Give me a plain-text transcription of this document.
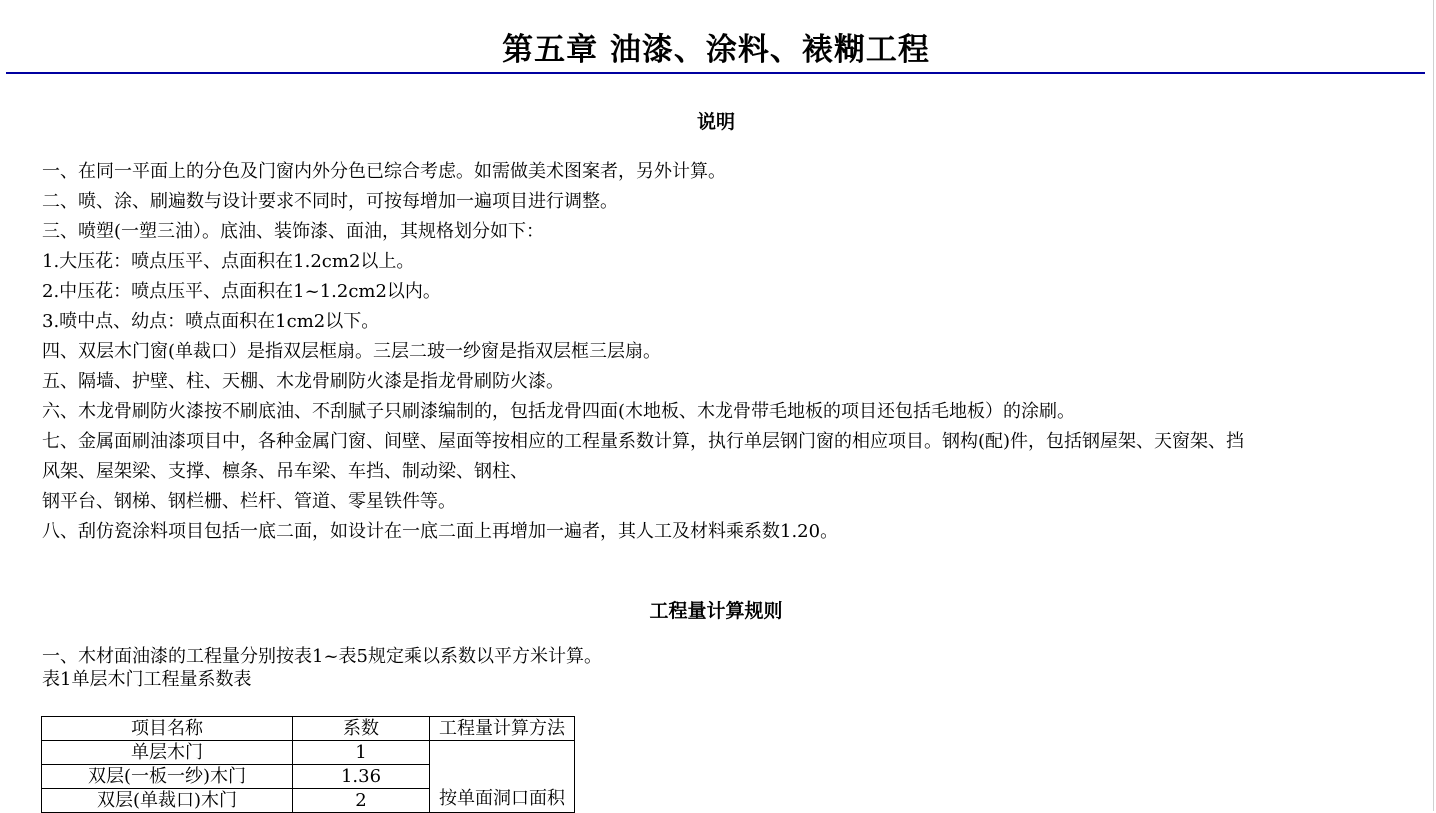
第五章 油漆、涂料、裱糊工程
说明
一、在同一平面上的分色及门窗内外分色已综合考虑。如需做美术图案者，另外计算。
二、喷、涂、刷遍数与设计要求不同时，可按每增加一遍项目进行调整。
三、喷塑(一塑三油）。底油、装饰漆、面油，其规格划分如下：
1.大压花：喷点压平、点面积在1.2cm2以上。
2.中压花：喷点压平、点面积在1~1.2cm2以内。
3.喷中点、幼点：喷点面积在1cm2以下。
四、双层木门窗(单裁口）是指双层框扇。三层二玻一纱窗是指双层框三层扇。
五、隔墙、护壁、柱、天棚、木龙骨刷防火漆是指龙骨刷防火漆。
六、木龙骨刷防火漆按不刷底油、不刮腻子只刷漆编制的，包括龙骨四面(木地板、木龙骨带毛地板的项目还包括毛地板）的涂刷。
七、金属面刷油漆项目中，各种金属门窗、间壁、屋面等按相应的工程量系数计算，执行单层钢门窗的相应项目。钢构(配)件，包括钢屋架、天窗架、挡
风架、屋架梁、支撑、檩条、吊车梁、车挡、制动梁、钢柱、
钢平台、钢梯、钢栏栅、栏杆、管道、零星铁件等。
八、刮仿瓷涂料项目包括一底二面，如设计在一底二面上再增加一遍者，其人工及材料乘系数1.20。
工程量计算规则
一、木材面油漆的工程量分别按表1~表5规定乘以系数以平方米计算。
表1单层木门工程量系数表
项目名称	系数	工程量计算方法
单层木门	1	按单面洞口面积
双层(一板一纱)木门	1.36	
双层(单裁口)木门	2	
